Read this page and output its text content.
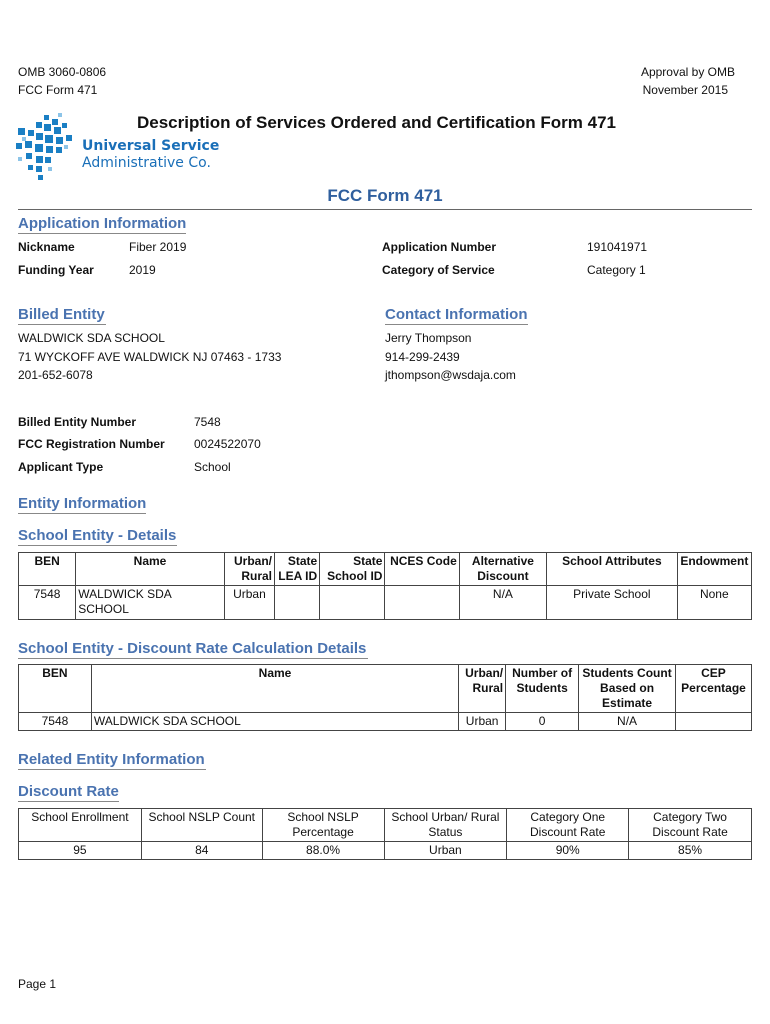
OMB 3060-0806
FCC Form 471
Approval by OMB
November 2015
Description of Services Ordered and Certification Form 471
Universal Service
Administrative Co.
FCC Form 471
Application Information
Nickname	Fiber 2019
Funding Year	2019
Application Number	191041971
Category of Service	Category 1
Billed Entity
WALDWICK SDA SCHOOL
71 WYCKOFF AVE WALDWICK NJ 07463 - 1733
201-652-6078
Contact Information
Jerry Thompson
914-299-2439
jthompson@wsdaja.com
Billed Entity Number	7548
FCC Registration Number 0024522070
Applicant Type	School
Entity Information
School Entity - Details
BEN	Name	Urban/ Rural	State LEA ID	State School ID	NCES Code	Alternative Discount	School Attributes	Endowment
7548	WALDWICK SDA SCHOOL	Urban				N/A	Private School	None
School Entity - Discount Rate Calculation Details
BEN	Name	Urban/ Rural	Number of Students	Students Count Based on Estimate	CEP Percentage
7548	WALDWICK SDA SCHOOL	Urban	0	N/A	
Related Entity Information
Discount Rate
School Enrollment	School NSLP Count	School NSLP Percentage	School Urban/ Rural Status	Category One Discount Rate	Category Two Discount Rate
95	84	88.0%	Urban	90%	85%
Page 1
